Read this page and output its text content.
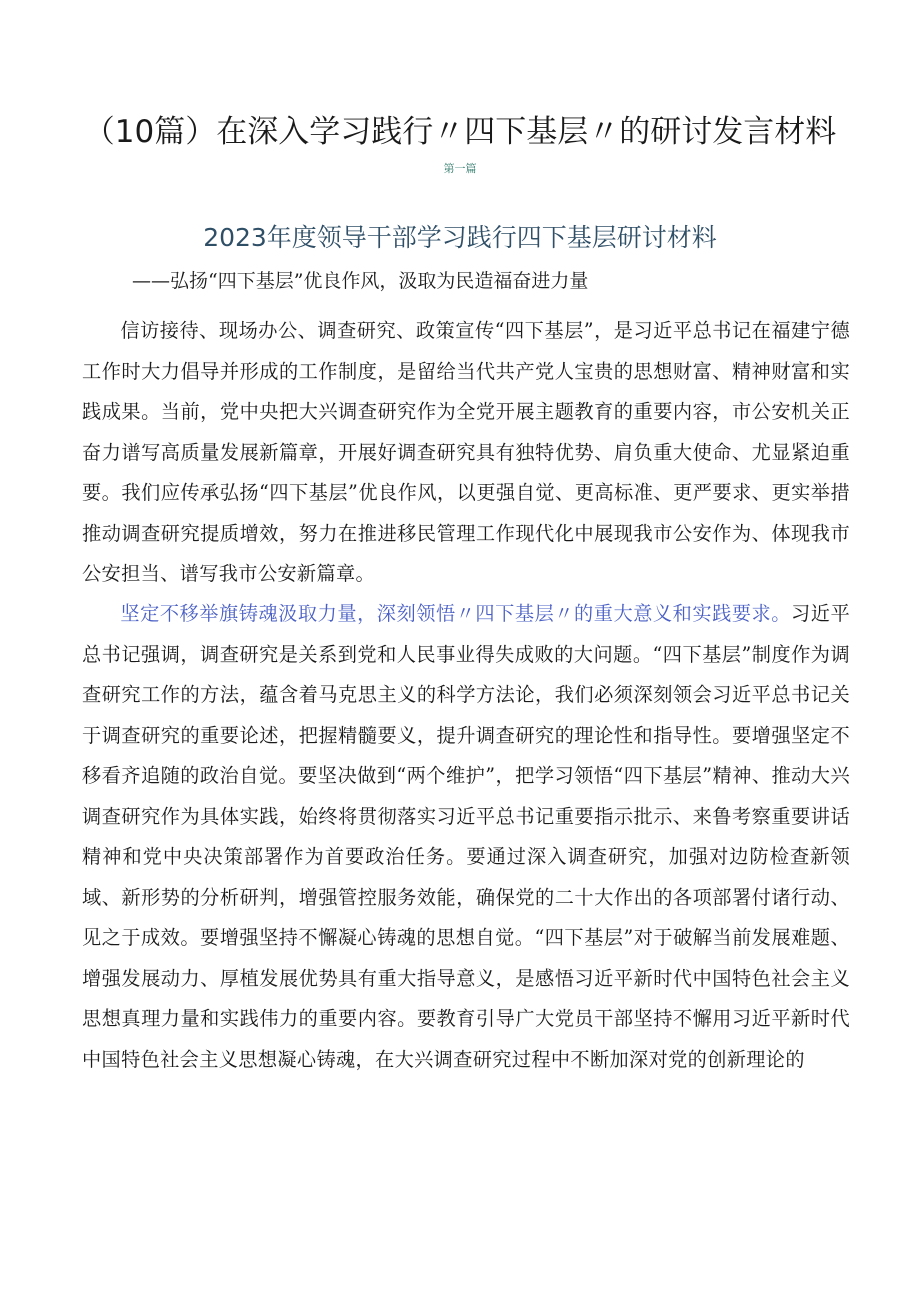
（10篇）在深入学习践行〃四下基层〃的研讨发言材料
第一篇
2023年度领导干部学习践行四下基层研讨材料
——弘扬“四下基层”优良作风，汲取为民造福奋进力量
信访接待、现场办公、调查研究、政策宣传“四下基层”，是习近平总书记在福建宁德工作时大力倡导并形成的工作制度，是留给当代共产党人宝贵的思想财富、精神财富和实践成果。当前，党中央把大兴调查研究作为全党开展主题教育的重要内容，市公安机关正奋力谱写高质量发展新篇章，开展好调查研究具有独特优势、肩负重大使命、尤显紧迫重要。我们应传承弘扬“四下基层”优良作风，以更强自觉、更高标准、更严要求、更实举措推动调查研究提质增效，努力在推进移民管理工作现代化中展现我市公安作为、体现我市公安担当、谱写我市公安新篇章。
坚定不移举旗铸魂汲取力量，深刻领悟〃四下基层〃的重大意义和实践要求。习近平总书记强调，调查研究是关系到党和人民事业得失成败的大问题。“四下基层”制度作为调查研究工作的方法，蕴含着马克思主义的科学方法论，我们必须深刻领会习近平总书记关于调查研究的重要论述，把握精髓要义，提升调查研究的理论性和指导性。要增强坚定不移看齐追随的政治自觉。要坚决做到“两个维护”，把学习领悟“四下基层”精神、推动大兴调查研究作为具体实践，始终将贯彻落实习近平总书记重要指示批示、来鲁考察重要讲话精神和党中央决策部署作为首要政治任务。要通过深入调查研究，加强对边防检查新领域、新形势的分析研判，增强管控服务效能，确保党的二十大作出的各项部署付诸行动、见之于成效。要增强坚持不懈凝心铸魂的思想自觉。“四下基层”对于破解当前发展难题、增强发展动力、厚植发展优势具有重大指导意义，是感悟习近平新时代中国特色社会主义思想真理力量和实践伟力的重要内容。要教育引导广大党员干部坚持不懈用习近平新时代中国特色社会主义思想凝心铸魂，在大兴调查研究过程中不断加深对党的创新理论的
